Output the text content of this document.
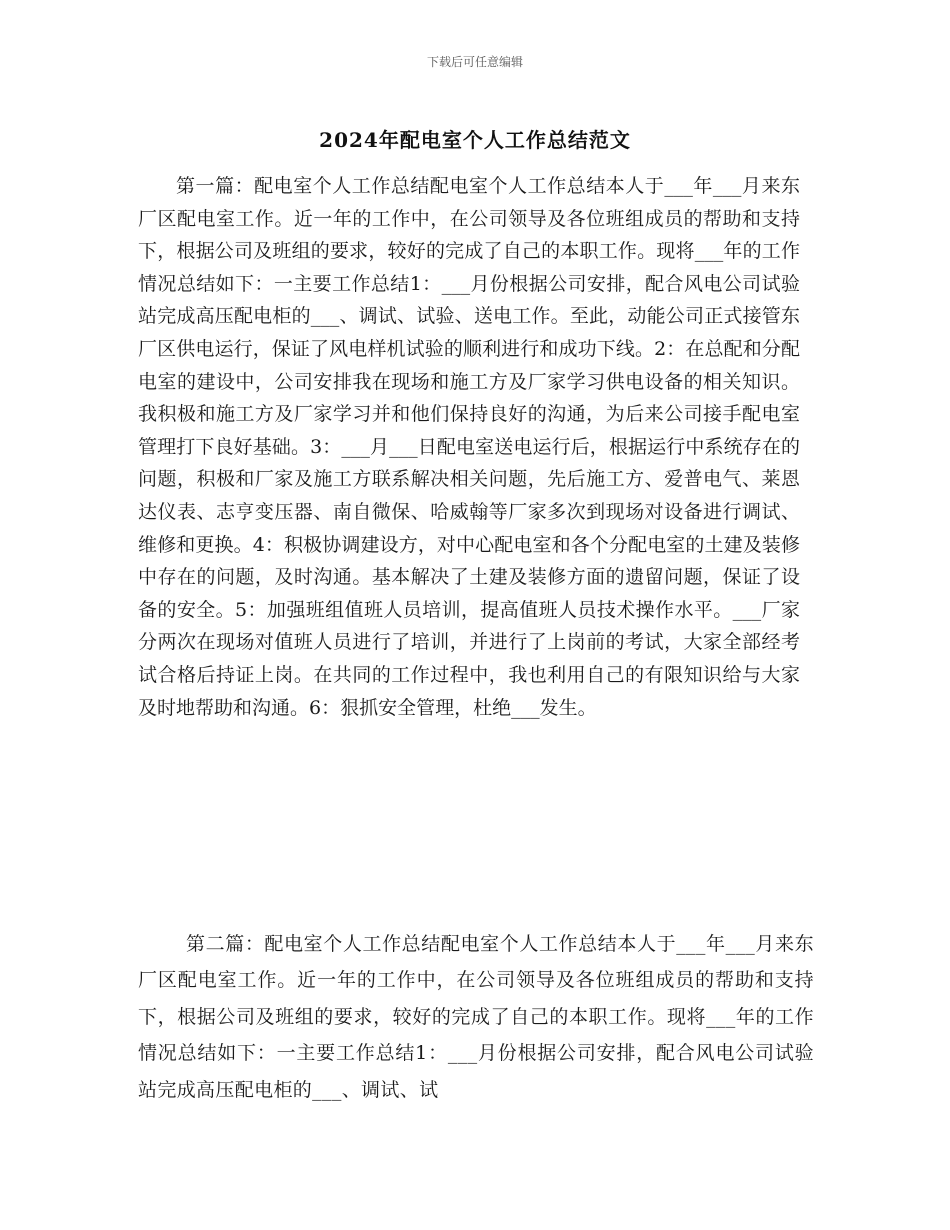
下载后可任意编辑
2024年配电室个人工作总结范文

第一篇：配电室个人工作总结配电室个人工作总结本人于___年___月来东厂区配电室工作。近一年的工作中，在公司领导及各位班组成员的帮助和支持下，根据公司及班组的要求，较好的完成了自己的本职工作。现将___年的工作情况总结如下：一主要工作总结1：___月份根据公司安排，配合风电公司试验站完成高压配电柜的___、调试、试验、送电工作。至此，动能公司正式接管东厂区供电运行，保证了风电样机试验的顺利进行和成功下线。2：在总配和分配电室的建设中，公司安排我在现场和施工方及厂家学习供电设备的相关知识。我积极和施工方及厂家学习并和他们保持良好的沟通，为后来公司接手配电室管理打下良好基础。3：___月___日配电室送电运行后，根据运行中系统存在的问题，积极和厂家及施工方联系解决相关问题，先后施工方、爱普电气、莱恩达仪表、志亨变压器、南自微保、哈威翰等厂家多次到现场对设备进行调试、维修和更换。4：积极协调建设方，对中心配电室和各个分配电室的土建及装修中存在的问题，及时沟通。基本解决了土建及装修方面的遗留问题，保证了设备的安全。5：加强班组值班人员培训，提高值班人员技术操作水平。___厂家分两次在现场对值班人员进行了培训，并进行了上岗前的考试，大家全部经考试合格后持证上岗。在共同的工作过程中，我也利用自己的有限知识给与大家及时地帮助和沟通。6：狠抓安全管理，杜绝___发生。

第二篇：配电室个人工作总结配电室个人工作总结本人于___年___月来东厂区配电室工作。近一年的工作中，在公司领导及各位班组成员的帮助和支持下，根据公司及班组的要求，较好的完成了自己的本职工作。现将___年的工作情况总结如下：一主要工作总结1：___月份根据公司安排，配合风电公司试验站完成高压配电柜的___、调试、试
